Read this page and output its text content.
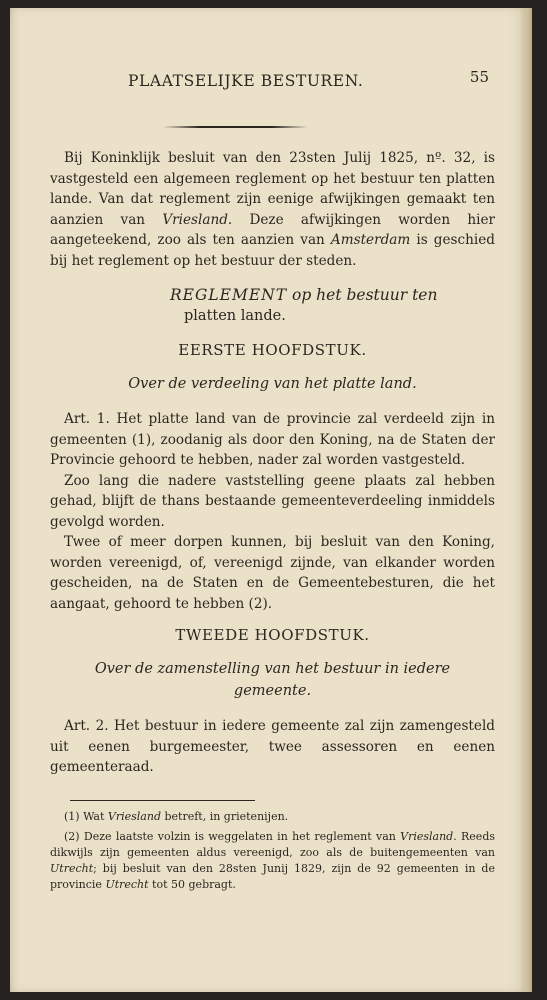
PLAATSELIJKE BESTUREN.	55

Bij Koninklijk besluit van den 23sten Julij 1825, nº. 32, is vastgesteld een algemeen reglement op het bestuur ten platten lande. Van dat reglement zijn eenige afwijkingen gemaakt ten aanzien van Vriesland. Deze afwijkingen worden hier aangeteekend, zoo als ten aanzien van Amsterdam is geschied bij het reglement op het bestuur der steden.

REGLEMENT op het bestuur ten
platten lande.
EERSTE HOOFDSTUK.
Over de verdeeling van het platte land.

Art. 1. Het platte land van de provincie zal verdeeld zijn in gemeenten (1), zoodanig als door den Koning, na de Staten der Provincie gehoord te hebben, nader zal worden vastgesteld.

Zoo lang die nadere vaststelling geene plaats zal hebben gehad, blijft de thans bestaande gemeenteverdeeling inmiddels gevolgd worden.

Twee of meer dorpen kunnen, bij besluit van den Koning, worden vereenigd, of, vereenigd zijnde, van elkander worden gescheiden, na de Staten en de Gemeentebesturen, die het aangaat, gehoord te hebben (2).

TWEEDE HOOFDSTUK.
Over de zamenstelling van het bestuur in iedere
gemeente.

Art. 2. Het bestuur in iedere gemeente zal zijn zamengesteld uit eenen burgemeester, twee assessoren en eenen gemeenteraad.

(1) Wat Vriesland betreft, in grietenijen.

(2) Deze laatste volzin is weggelaten in het reglement van Vriesland. Reeds dikwijls zijn gemeenten aldus vereenigd, zoo als de buitengemeenten van Utrecht; bij besluit van den 28sten Junij 1829, zijn de 92 gemeenten in de provincie Utrecht tot 50 gebragt.
